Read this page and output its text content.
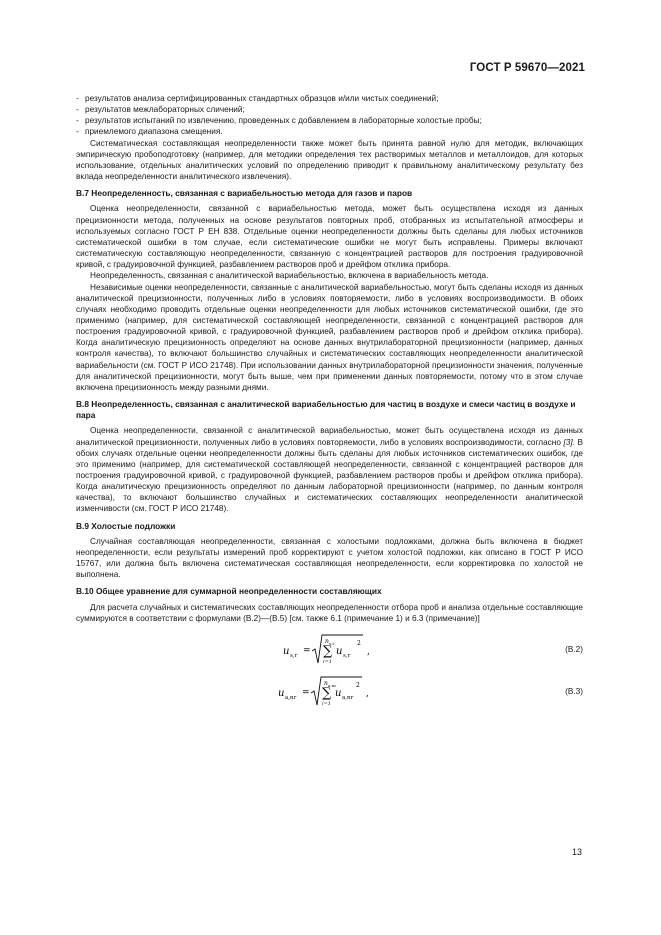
ГОСТ Р 59670—2021
- результатов анализа сертифицированных стандартных образцов и/или чистых соединений;
- результатов межлабораторных сличений;
- результатов испытаний по извлечению, проведенных с добавлением в лабораторные холостые пробы;
- приемлемого диапазона смещения.

Систематическая составляющая неопределенности также может быть принята равной нулю для методик, включающих эмпирическую пробоподготовку (например, для методики определения тех растворимых металлов и металлоидов, для которых использование, отдельных аналитических условий по определению приводит к правильному аналитическому результату без вклада неопределенности аналитического извлечения).

В.7 Неопределенность, связанная с вариабельностью метода для газов и паров

Оценка неопределенности, связанной с вариабельностью метода, может быть осуществлена исходя из данных прецизионности метода, полученных на основе результатов повторных проб, отобранных из испытательной атмосферы и используемых согласно ГОСТ Р ЕН 838. Отдельные оценки неопределенности должны быть сделаны для любых источников систематической ошибки в том случае, если систематические ошибки не могут быть исправлены. Примеры включают систематическую составляющую неопределенности, связанную с концентрацией растворов для построения градуировочной кривой, с градуировочной функцией, разбавлением растворов проб и дрейфом отклика прибора.

Неопределенность, связанная с аналитической вариабельностью, включена в вариабельность метода.

Независимые оценки неопределенности, связанные с аналитической вариабельностью, могут быть сделаны исходя из данных аналитической прецизионности, полученных либо в условиях повторяемости, либо в условиях воспроизводимости. В обоих случаях необходимо проводить отдельные оценки неопределенности для любых источников систематической ошибки, где это применимо (например, для систематической составляющей неопределенности, связанной с концентрацией растворов для построения градуировочной кривой, с градуировочной функцией, разбавлением растворов проб и дрейфом отклика прибора). Когда аналитическую прецизионность определяют на основе данных внутрилабораторной прецизионности (например, данных контроля качества), то включают большинство случайных и систематических составляющих неопределенности аналитической вариабельности (см. ГОСТ Р ИСО 21748). При использовании данных внутрилабораторной прецизионности значения, полученные для аналитической прецизионности, могут быть выше, чем при применении данных повторяемости, потому что в этом случае включена прецизионность между разными днями.

В.8 Неопределенность, связанная с аналитической вариабельностью для частиц в воздухе и смеси частиц в воздухе и пара

Оценка неопределенности, связанной с аналитической вариабельностью, может быть осуществлена исходя из данных аналитической прецизионности, полученных либо в условиях повторяемости, либо в условиях воспроизводимости, согласно [3]. В обоих случаях отдельные оценки неопределенности должны быть сделаны для любых источников систематических ошибок, где это применимо (например, для систематической составляющей неопределенности, связанной с концентрацией растворов для построения градуировочной кривой, с градуировочной функцией, разбавлением растворов пробы и дрейфом отклика прибора). Когда аналитическую прецизионность определяют по данным лабораторной прецизионности (например, по данным контроля качества), то включают большинство случайных и систематических составляющих неопределенности аналитической изменчивости (см. ГОСТ Р ИСО 21748).

В.9 Холостые подложки

Случайная составляющая неопределенности, связанная с холостыми подложками, должна быть включена в бюджет неопределенности, если результаты измерений проб корректируют с учетом холостой подложки, как описано в ГОСТ Р ИСО 15767, или должна быть включена систематическая составляющая неопределенности, если корректировка по холостой не выполнена.

В.10 Общее уравнение для суммарной неопределенности составляющих

Для расчета случайных и систематических составляющих неопределенности отбора проб и анализа отдельные составляющие суммируются в соответствии с формулами (В.2)—(В.5) [см. также 6.1 (примечание 1) и 6.3 (примечание)]

u s,r =
n s,r
∑
i=1
u s,r
2
,	(В.2)
u a,nr =
n a,nr
∑
i=1
u a,nr
2
,	(В.3)
13
